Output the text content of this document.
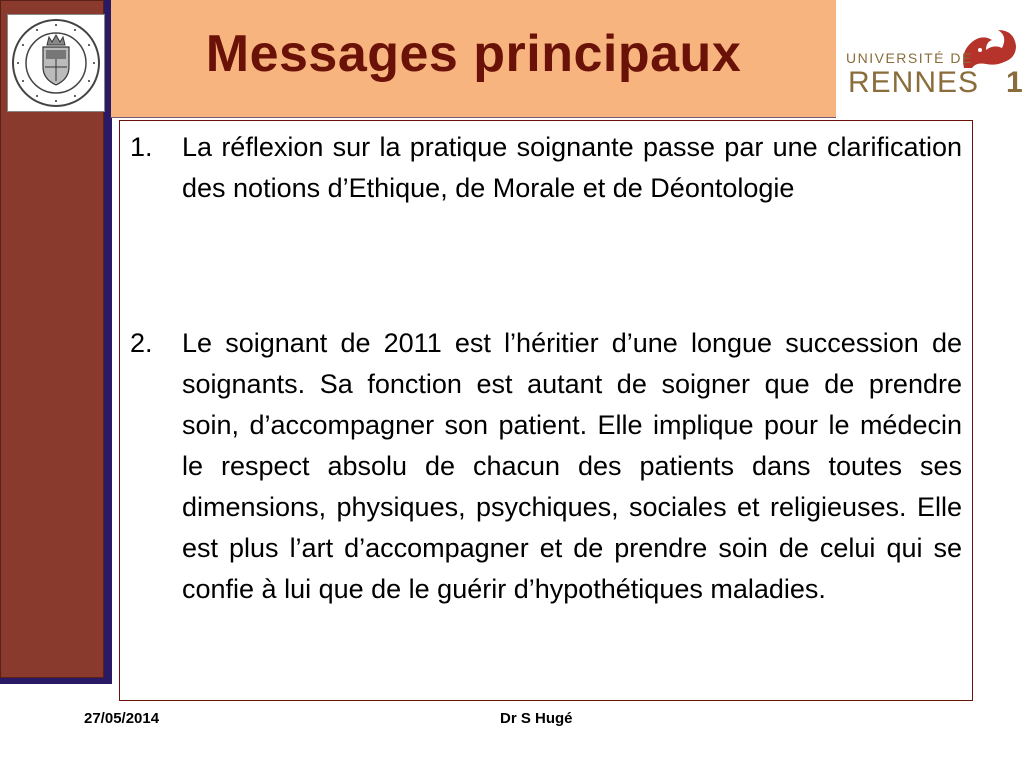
Messages principaux	UNIVERSITÉ DE
RENNES 1
1. La réflexion sur la pratique soignante passe par une clarification des notions d’Ethique, de Morale et de Déontologie
2. Le soignant de 2011 est l’héritier d’une longue succession de soignants. Sa fonction est autant de soigner que de prendre soin, d’accompagner son patient. Elle implique pour le médecin le respect absolu de chacun des patients dans toutes ses dimensions, physiques, psychiques, sociales et religieuses. Elle est plus l’art d’accompagner et de prendre soin de celui qui se confie à lui que de le guérir d’hypothétiques maladies.
27/05/2014	Dr S Hugé
